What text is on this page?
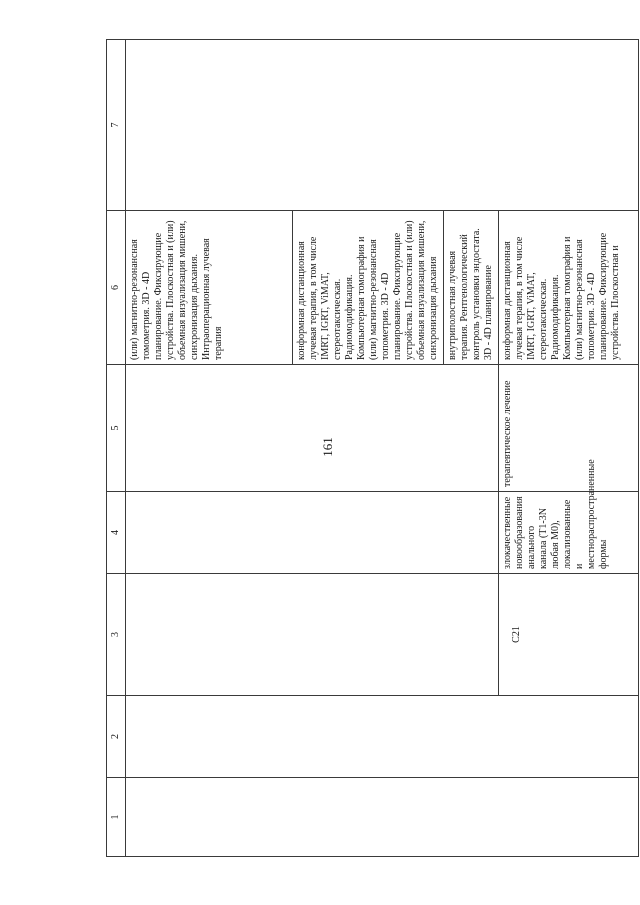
161
1	2	3	4	5	6	7
					(или) магнитно-резонансная томометрия. 3D - 4D планирование. Фиксирующие устройства. Плоскостная и (или) объемная визуализация мишени, синхронизация дыхания. Интраоперационная лучевая терапия	
					конформная дистанционная лучевая терапия, в том числе IMRT, IGRT, ViMAT, стереотаксическая. Радиомодификация. Компьютерная томография и (или) магнитно-резонансная топометрия. 3D - 4D планирование. Фиксирующие устройства. Плоскостная и (или) объемная визуализация мишени, синхронизация дыхания	
					внутриполостная лучевая терапия. Рентгенологический контроль установки эндостата. 3D - 4D планирование	
		С21	злокачественные новообразования анального канала (T1-3N любая M0), локализованные и местнораспространенные формы	терапевтическое лечение	конформная дистанционная лучевая терапия, в том числе IMRT, IGRT, ViMAT, стереотаксическая. Радиомодификация. Компьютерная томография и (или) магнитно-резонансная топометрия. 3D - 4D планирование. Фиксирующие устройства. Плоскостная и	
